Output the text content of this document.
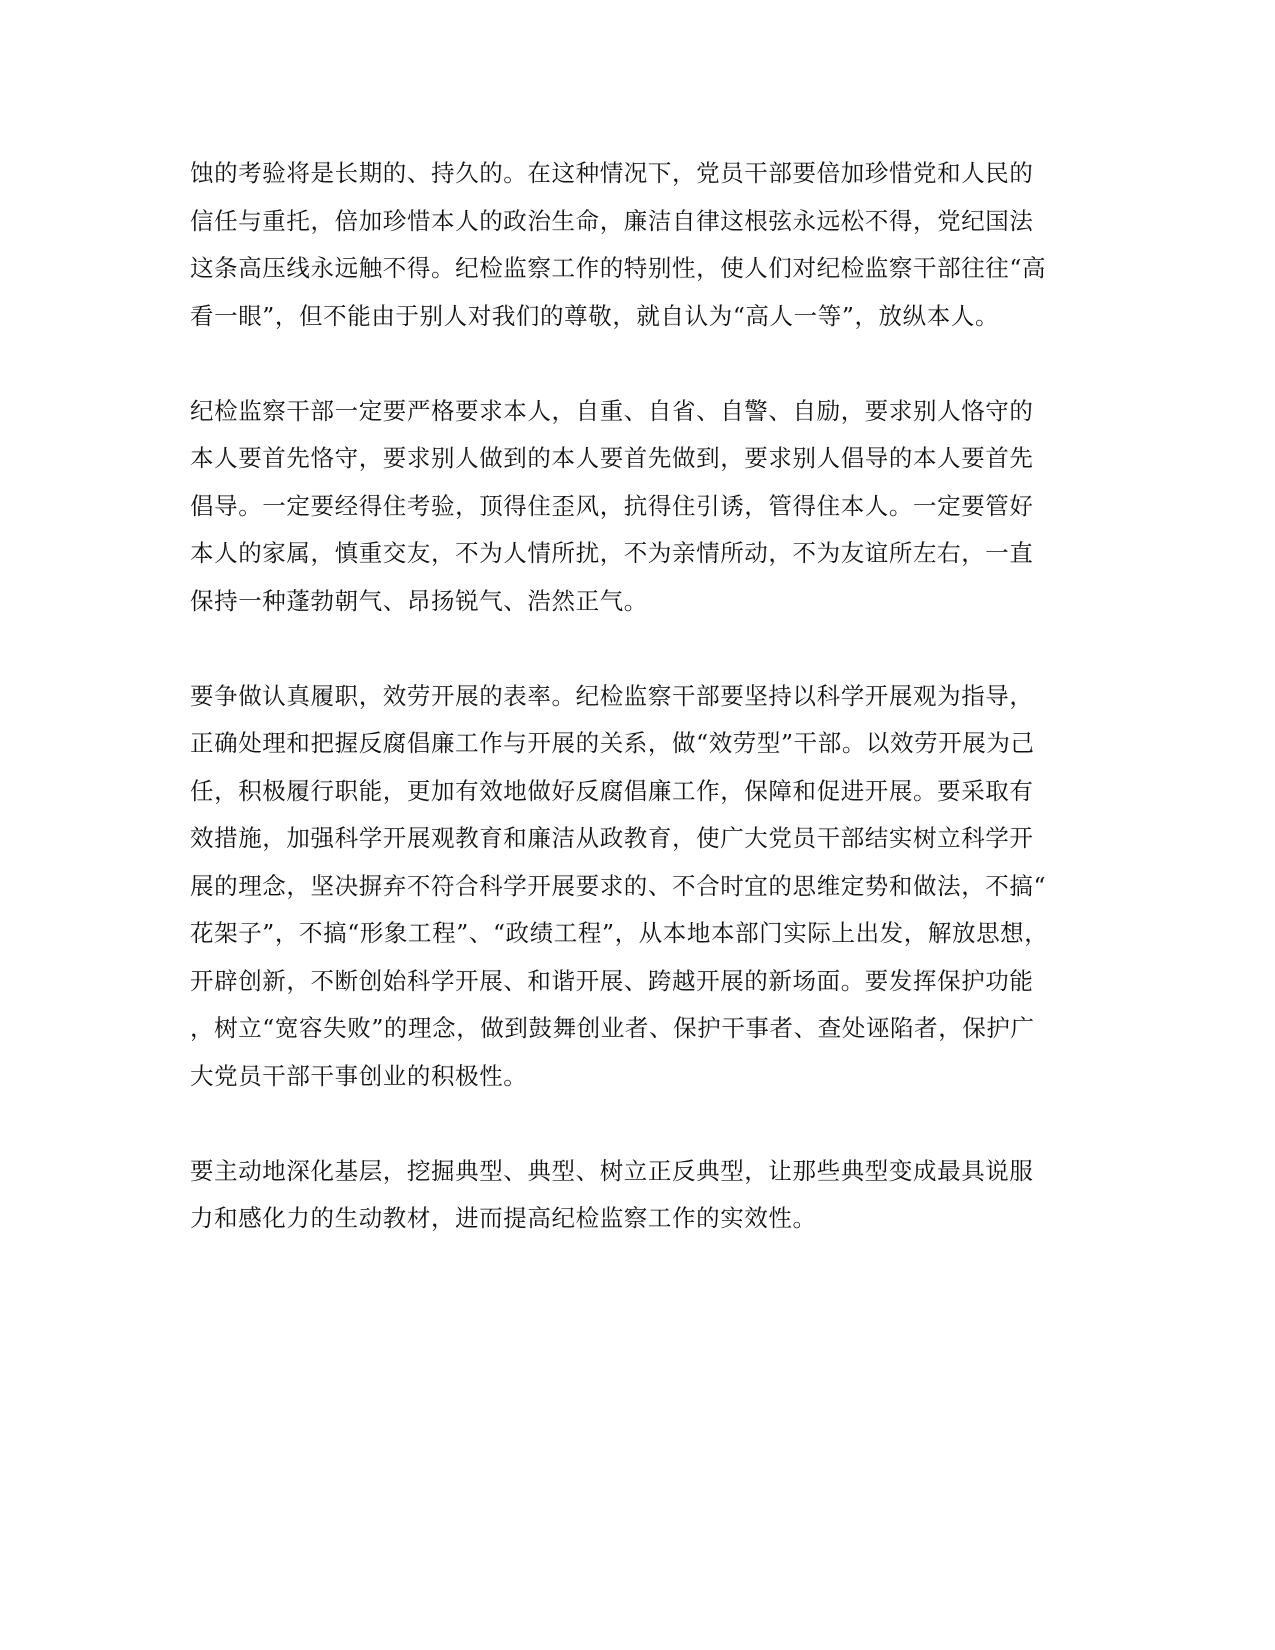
蚀的考验将是长期的、持久的。在这种情况下，党员干部要倍加珍惜党和人民的
信任与重托，倍加珍惜本人的政治生命，廉洁自律这根弦永远松不得，党纪国法
这条高压线永远触不得。纪检监察工作的特别性，使人们对纪检监察干部往往“高
看一眼”，但不能由于别人对我们的尊敬，就自认为“高人一等”，放纵本人。
纪检监察干部一定要严格要求本人，自重、自省、自警、自励，要求别人恪守的
本人要首先恪守，要求别人做到的本人要首先做到，要求别人倡导的本人要首先
倡导。一定要经得住考验，顶得住歪风，抗得住引诱，管得住本人。一定要管好
本人的家属，慎重交友，不为人情所扰，不为亲情所动，不为友谊所左右，一直
保持一种蓬勃朝气、昂扬锐气、浩然正气。
要争做认真履职，效劳开展的表率。纪检监察干部要坚持以科学开展观为指导，
正确处理和把握反腐倡廉工作与开展的关系，做“效劳型”干部。以效劳开展为己
任，积极履行职能，更加有效地做好反腐倡廉工作，保障和促进开展。要采取有
效措施，加强科学开展观教育和廉洁从政教育，使广大党员干部结实树立科学开
展的理念，坚决摒弃不符合科学开展要求的、不合时宜的思维定势和做法，不搞“
花架子”，不搞“形象工程”、“政绩工程”，从本地本部门实际上出发，解放思想，
开辟创新，不断创始科学开展、和谐开展、跨越开展的新场面。要发挥保护功能
，树立“宽容失败”的理念，做到鼓舞创业者、保护干事者、查处诬陷者，保护广
大党员干部干事创业的积极性。
要主动地深化基层，挖掘典型、典型、树立正反典型，让那些典型变成最具说服
力和感化力的生动教材，进而提高纪检监察工作的实效性。
